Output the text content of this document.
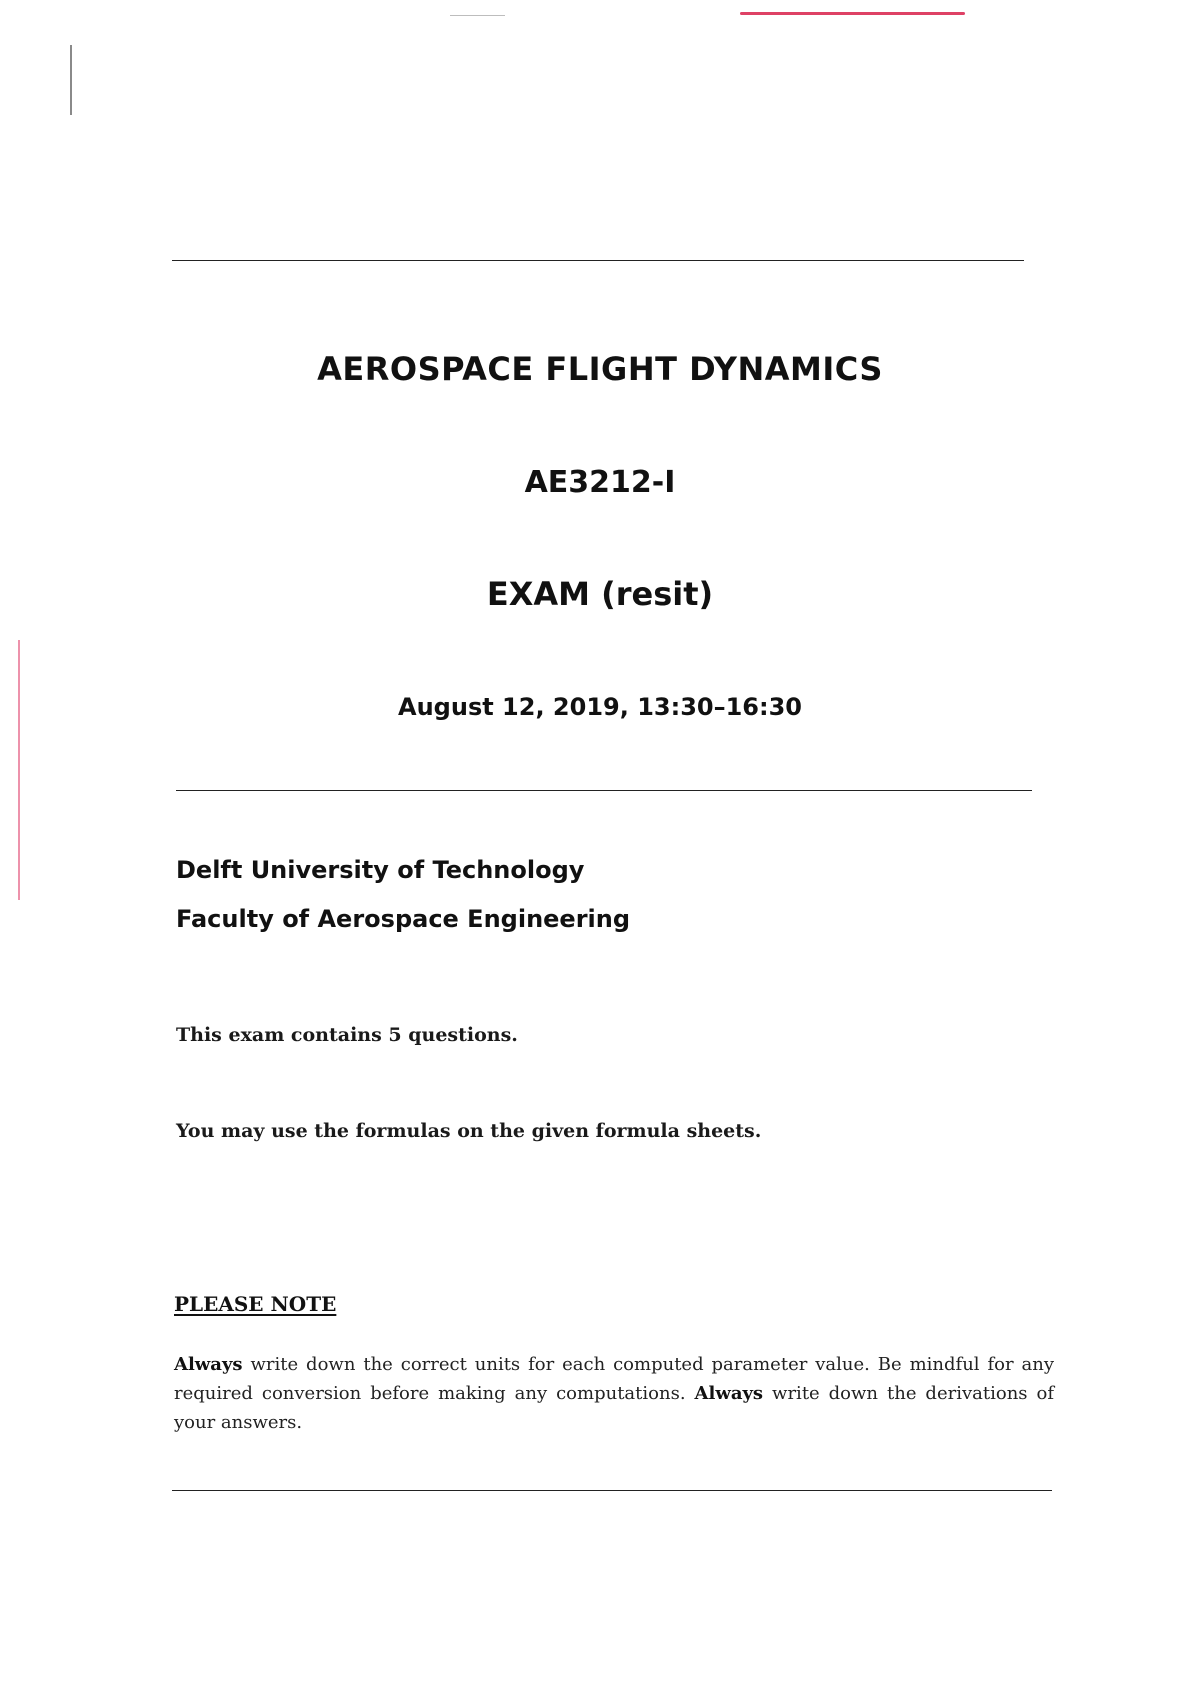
AEROSPACE FLIGHT DYNAMICS
AE3212-I
EXAM (resit)
August 12, 2019, 13:30–16:30
Delft University of Technology
Faculty of Aerospace Engineering
This exam contains 5 questions.
You may use the formulas on the given formula sheets.
PLEASE NOTE
Always write down the correct units for each computed parameter value. Be mindful for any required conversion before making any computations. Always write down the derivations of your answers.
